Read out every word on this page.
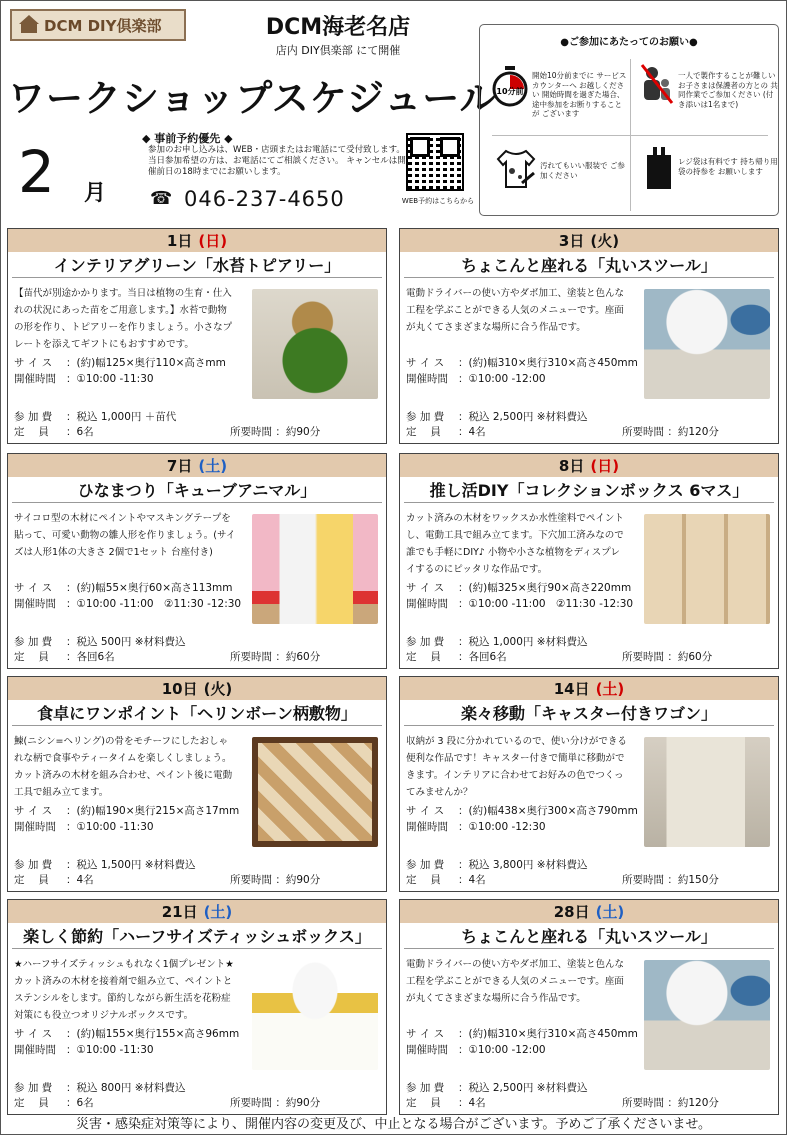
DCM DIY倶楽部	DCM海老名店
店内 DIY倶楽部 にて開催
ワークショップスケジュール
2 月
◆ 事前予約優先 ◆
参加のお申し込みは、WEB・店頭またはお電話にて受付致します。 当日参加希望の方は、お電話にてご相談ください。 キャンセルは開催前日の18時までにお願いします。
☎ 046-237-4650	WEB予約はこちらから
●ご参加にあたってのお願い●
10分前
開始10分前までに サービスカウンターへ お越しください 開始時間を過ぎた場合、 途中参加をお断りすることが ございます
一人で製作することが難しい お子さまは保護者の方との 共同作業でご参加ください (付き添いは1名まで)
汚れてもいい服装で ご参加ください
レジ袋は有料です 持ち帰り用袋の持参を お願いします
1日 (日)
インテリアグリーン「水苔トピアリー」
【苗代が別途かかります。当日は植物の生育・仕入れの状況にあった苗をご用意します。】水苔で動物の形を作り、トピアリーを作りましょう。小さなプレートを添えてギフトにもおすすめです。
サ イ ス ：(約)幅125×奥行110×高さmm
開催時間 ：①10:00 -11:30
参 加 費 ：税込 1,000円 ＋苗代
定　 員 ：6名	所要時間 ：約90分
3日 (火)
ちょこんと座れる「丸いスツール」
電動ドライバーの使い方やダボ加工、塗装と色んな工程を学ぶことができる人気のメニューです。座面が丸くてさまざまな場所に合う作品です。
サ イ ス ：(約)幅310×奥行310×高さ450mm
開催時間 ：①10:00 -12:00
参 加 費 ：税込 2,500円 ※材料費込
定　 員 ：4名	所要時間 ：約120分
7日 (土)
ひなまつり「キューブアニマル」
サイコロ型の木材にペイントやマスキングテープを貼って、可愛い動物の雛人形を作りましょう。(サイズは人形1体の大きさ 2個で1セット 台座付き)
サ イ ス ：(約)幅55×奥行60×高さ113mm
開催時間 ：①10:00 -11:00　②11:30 -12:30
参 加 費 ：税込 500円 ※材料費込
定　 員 ：各回6名	所要時間 ：約60分
8日 (日)
推し活DIY「コレクションボックス 6マス」
カット済みの木材をワックスか水性塗料でペイントし、電動工具で組み立てます。下穴加工済みなので誰でも手軽にDIY♪ 小物や小さな植物をディスプレイするのにピッタリな作品です。
サ イ ス ：(約)幅325×奥行90×高さ220mm
開催時間 ：①10:00 -11:00　②11:30 -12:30
参 加 費 ：税込 1,000円 ※材料費込
定　 員 ：各回6名	所要時間 ：約60分
10日 (火)
食卓にワンポイント「ヘリンボーン柄敷物」
鰊(ニシン=ヘリング)の骨をモチーフにしたおしゃれな柄で食事やティータイムを楽しくしましょう。カット済みの木材を組み合わせ、ペイント後に電動工具で組み立てます。
サ イ ス ：(約)幅190×奥行215×高さ17mm
開催時間 ：①10:00 -11:30
参 加 費 ：税込 1,500円 ※材料費込
定　 員 ：4名	所要時間 ：約90分
14日 (土)
楽々移動「キャスター付きワゴン」
収納が 3 段に分かれているので、使い分けができる便利な作品です！キャスター付きで簡単に移動ができます。インテリアに合わせてお好みの色でつくってみませんか？
サ イ ス ：(約)幅438×奥行300×高さ790mm
開催時間 ：①10:00 -12:30
参 加 費 ：税込 3,800円 ※材料費込
定　 員 ：4名	所要時間 ：約150分
21日 (土)
楽しく節約「ハーフサイズティッシュボックス」
★ハーフサイズティッシュもれなく1個プレゼント★ カット済みの木材を接着剤で組み立て、ペイントとステンシルをします。節約しながら新生活を花粉症対策にも役立つオリジナルボックスです。
サ イ ス ：(約)幅155×奥行155×高さ96mm
開催時間 ：①10:00 -11:30
参 加 費 ：税込 800円 ※材料費込
定　 員 ：6名	所要時間 ：約90分
28日 (土)
ちょこんと座れる「丸いスツール」
電動ドライバーの使い方やダボ加工、塗装と色んな工程を学ぶことができる人気のメニューです。座面が丸くてさまざまな場所に合う作品です。
サ イ ス ：(約)幅310×奥行310×高さ450mm
開催時間 ：①10:00 -12:00
参 加 費 ：税込 2,500円 ※材料費込
定　 員 ：4名	所要時間 ：約120分
災害・感染症対策等により、開催内容の変更及び、中止となる場合がございます。予めご了承くださいませ。
